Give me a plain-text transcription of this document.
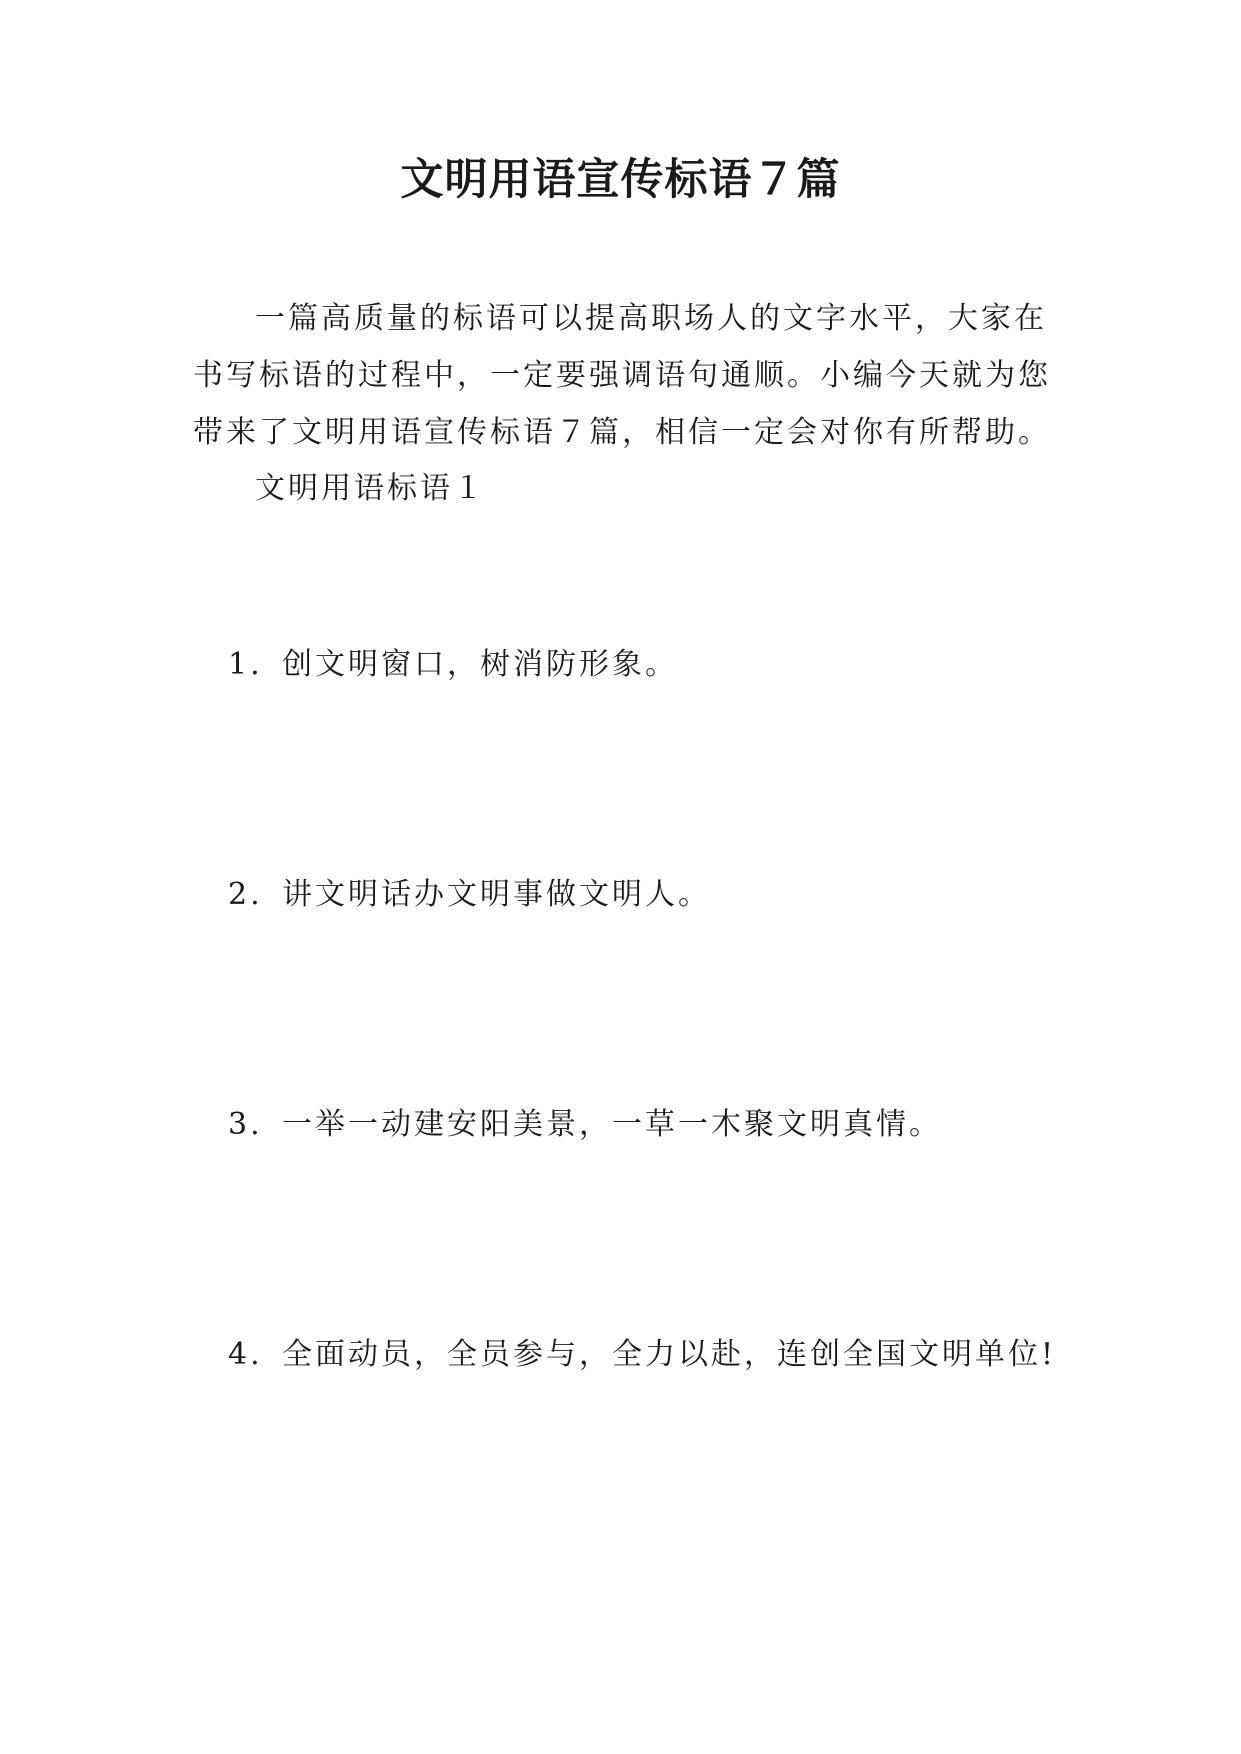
文明用语宣传标语７篇
一篇高质量的标语可以提高职场人的文字水平，大家在
书写标语的过程中，一定要强调语句通顺。小编今天就为您
带来了文明用语宣传标语７篇，相信一定会对你有所帮助。
文明用语标语１
1. 创文明窗口，树消防形象。
2. 讲文明话办文明事做文明人。
3. 一举一动建安阳美景，一草一木聚文明真情。
4. 全面动员，全员参与，全力以赴，连创全国文明单位!
